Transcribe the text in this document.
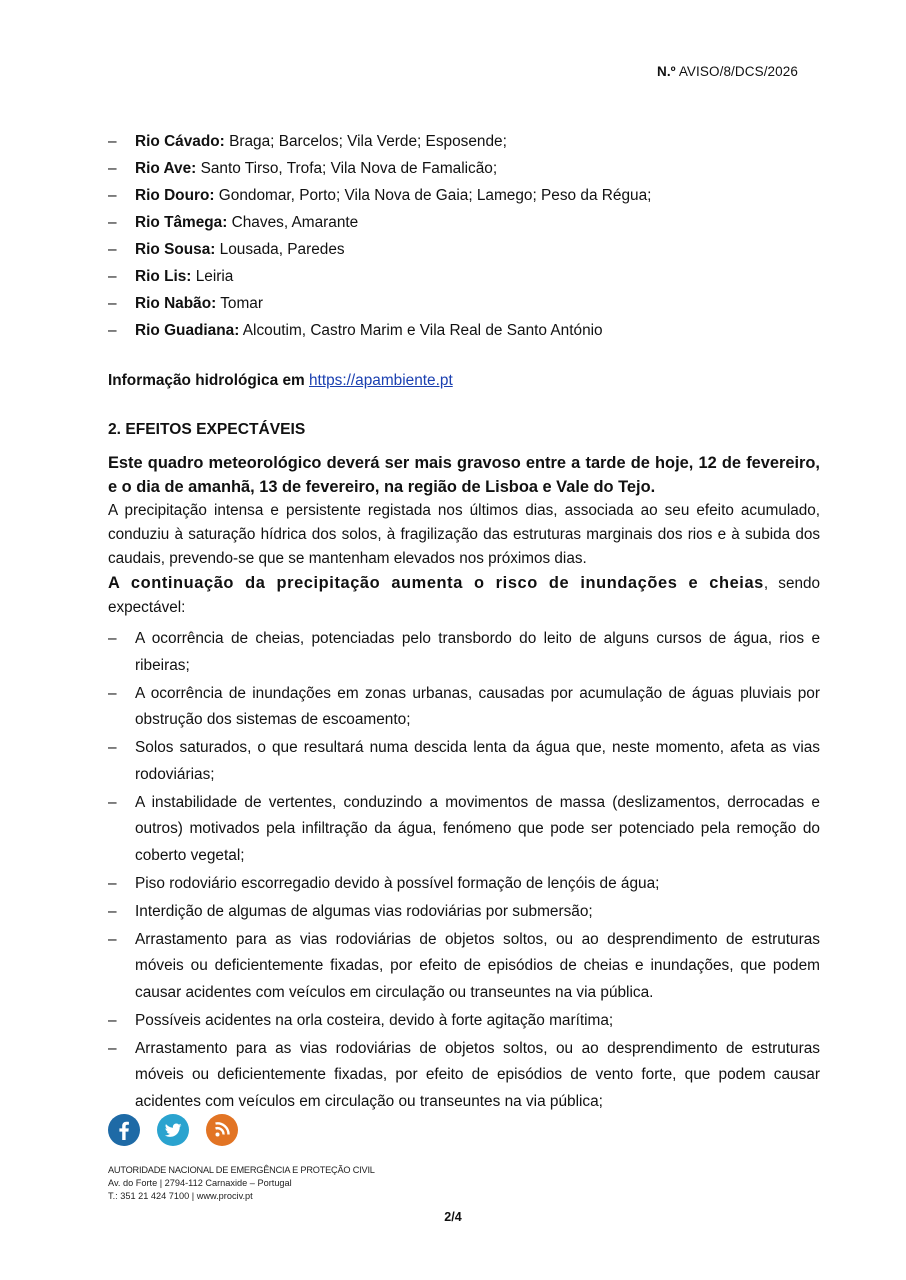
N.º AVISO/8/DCS/2026
– Rio Cávado: Braga; Barcelos; Vila Verde; Esposende;
– Rio Ave: Santo Tirso, Trofa; Vila Nova de Famalicão;
– Rio Douro: Gondomar, Porto; Vila Nova de Gaia; Lamego; Peso da Régua;
– Rio Tâmega: Chaves, Amarante
– Rio Sousa: Lousada, Paredes
– Rio Lis: Leiria
– Rio Nabão: Tomar
– Rio Guadiana: Alcoutim, Castro Marim e Vila Real de Santo António
Informação hidrológica em https://apambiente.pt
2. EFEITOS EXPECTÁVEIS
Este quadro meteorológico deverá ser mais gravoso entre a tarde de hoje, 12 de fevereiro, e o dia de amanhã, 13 de fevereiro, na região de Lisboa e Vale do Tejo.
A precipitação intensa e persistente registada nos últimos dias, associada ao seu efeito acumulado, conduziu à saturação hídrica dos solos, à fragilização das estruturas marginais dos rios e à subida dos caudais, prevendo-se que se mantenham elevados nos próximos dias.
A continuação da precipitação aumenta o risco de inundações e cheias, sendo expectável:
– A ocorrência de cheias, potenciadas pelo transbordo do leito de alguns cursos de água, rios e ribeiras;
– A ocorrência de inundações em zonas urbanas, causadas por acumulação de águas pluviais por obstrução dos sistemas de escoamento;
– Solos saturados, o que resultará numa descida lenta da água que, neste momento, afeta as vias rodoviárias;
– A instabilidade de vertentes, conduzindo a movimentos de massa (deslizamentos, derrocadas e outros) motivados pela infiltração da água, fenómeno que pode ser potenciado pela remoção do coberto vegetal;
– Piso rodoviário escorregadio devido à possível formação de lençóis de água;
– Interdição de algumas de algumas vias rodoviárias por submersão;
– Arrastamento para as vias rodoviárias de objetos soltos, ou ao desprendimento de estruturas móveis ou deficientemente fixadas, por efeito de episódios de cheias e inundações, que podem causar acidentes com veículos em circulação ou transeuntes na via pública.
– Possíveis acidentes na orla costeira, devido à forte agitação marítima;
– Arrastamento para as vias rodoviárias de objetos soltos, ou ao desprendimento de estruturas móveis ou deficientemente fixadas, por efeito de episódios de vento forte, que podem causar acidentes com veículos em circulação ou transeuntes na via pública;
AUTORIDADE NACIONAL DE EMERGÊNCIA E PROTEÇÃO CIVIL
Av. do Forte | 2794-112 Carnaxide – Portugal
T.: 351 21 424 7100 | www.prociv.pt
2/4
